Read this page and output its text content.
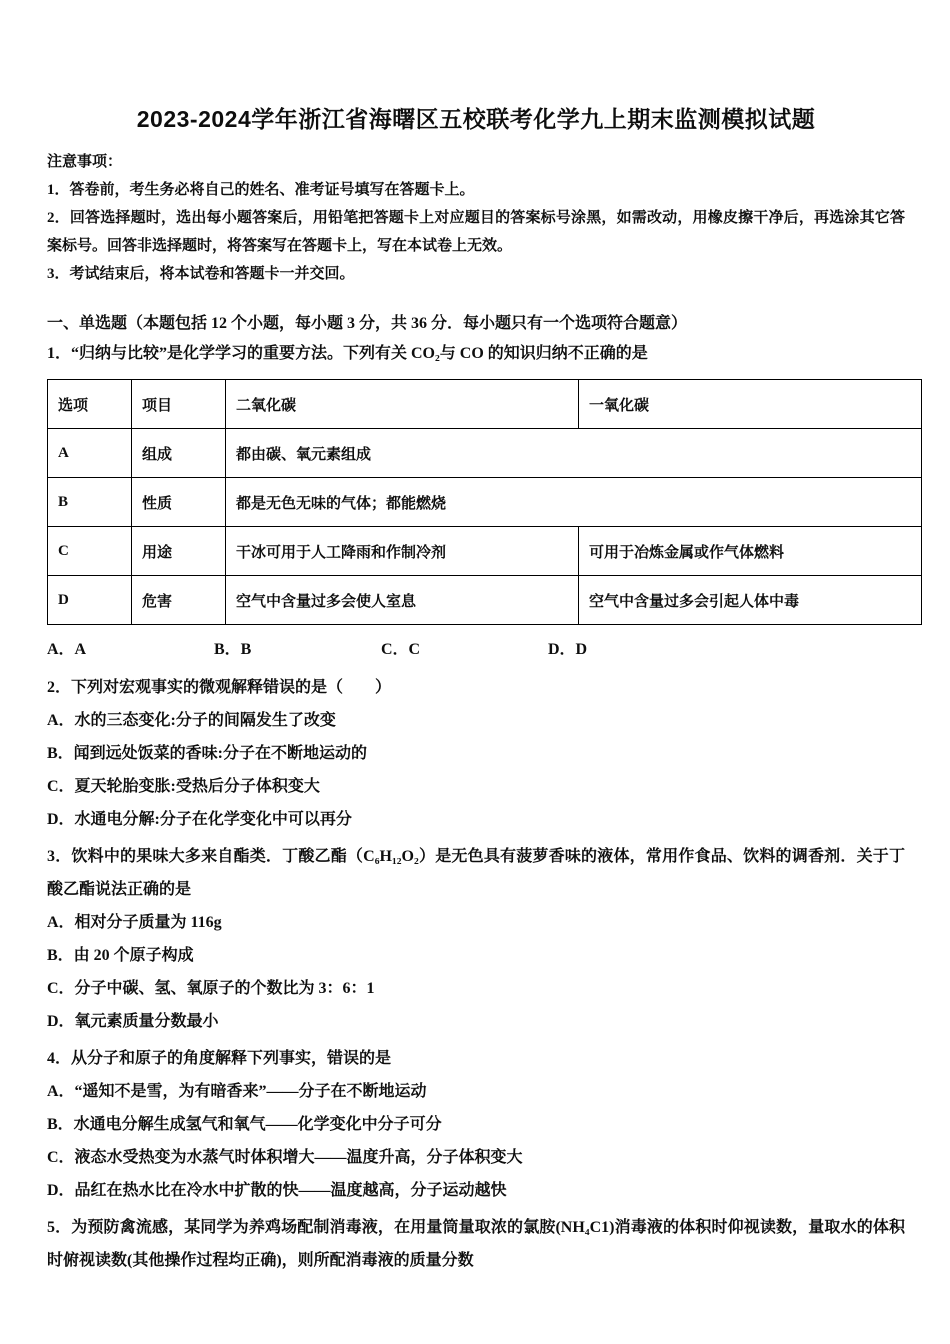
2023-2024学年浙江省海曙区五校联考化学九上期末监测模拟试题

注意事项：

1．答卷前，考生务必将自己的姓名、准考证号填写在答题卡上。

2．回答选择题时，选出每小题答案后，用铅笔把答题卡上对应题目的答案标号涂黑，如需改动，用橡皮擦干净后，再选涂其它答案标号。回答非选择题时，将答案写在答题卡上，写在本试卷上无效。

3．考试结束后，将本试卷和答题卡一并交回。

一、单选题（本题包括 12 个小题，每小题 3 分，共 36 分．每小题只有一个选项符合题意）

1．“归纳与比较”是化学学习的重要方法。下列有关 CO₂与 CO 的知识归纳不正确的是

选项	项目	二氧化碳	一氧化碳
A	组成	都由碳、氧元素组成	
B	性质	都是无色无味的气体；都能燃烧	
C	用途	干冰可用于人工降雨和作制冷剂	可用于冶炼金属或作气体燃料
D	危害	空气中含量过多会使人室息	空气中含量过多会引起人体中毒
A．A	B．B	C．C	D．D

2．下列对宏观事实的微观解释错误的是（　　）

A．水的三态变化:分子的间隔发生了改变

B．闻到远处饭菜的香味:分子在不断地运动的

C．夏天轮胎变胀:受热后分子体积变大

D．水通电分解:分子在化学变化中可以再分

3．饮料中的果味大多来自酯类．丁酸乙酯（C₆H₁₂O₂）是无色具有菠萝香味的液体，常用作食品、饮料的调香剂．关于丁酸乙酯说法正确的是

A．相对分子质量为 116g

B．由 20 个原子构成

C．分子中碳、氢、氧原子的个数比为 3：6：1

D．氧元素质量分数最小

4．从分子和原子的角度解释下列事实，错误的是

A．“遥知不是雪，为有暗香来”——分子在不断地运动

B．水通电分解生成氢气和氧气——化学变化中分子可分

C．液态水受热变为水蒸气时体积增大——温度升高，分子体积变大

D．品红在热水比在冷水中扩散的快——温度越高，分子运动越快

5．为预防禽流感，某同学为养鸡场配制消毒液，在用量筒量取浓的氯胺(NH₄C1)消毒液的体积时仰视读数，量取水的体积时俯视读数(其他操作过程均正确)，则所配消毒液的质量分数
